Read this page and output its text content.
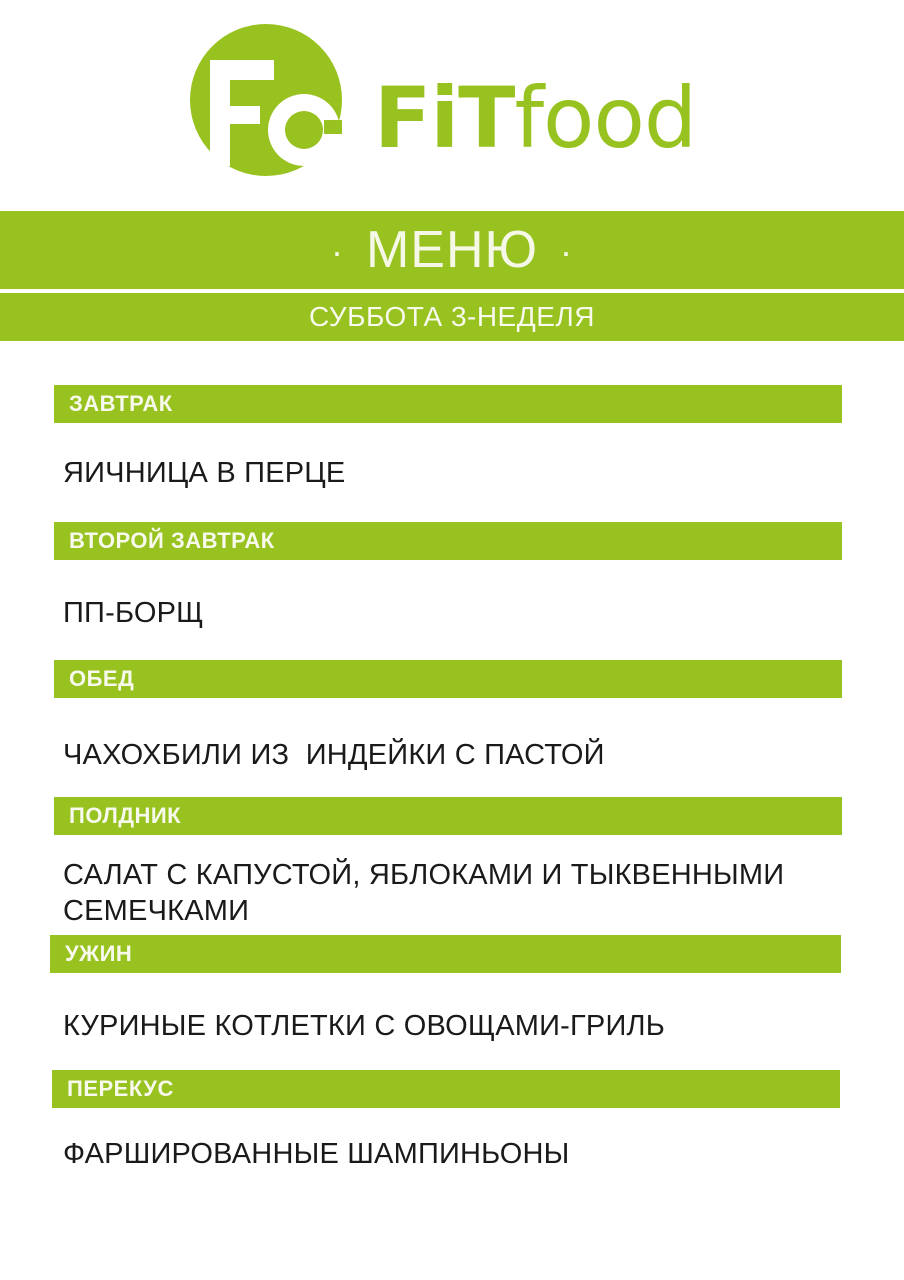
FiTfood
· МЕНЮ ·
СУББОТА 3-НЕДЕЛЯ
ЗАВТРАК
ЯИЧНИЦА В ПЕРЦЕ
ВТОРОЙ ЗАВТРАК
ПП-БОРЩ
ОБЕД
ЧАХОХБИЛИ ИЗ  ИНДЕЙКИ С ПАСТОЙ
ПОЛДНИК
САЛАТ С КАПУСТОЙ, ЯБЛОКАМИ И ТЫКВЕННЫМИ СЕМЕЧКАМИ
УЖИН
КУРИНЫЕ КОТЛЕТКИ С ОВОЩАМИ-ГРИЛЬ
ПЕРЕКУС
ФАРШИРОВАННЫЕ ШАМПИНЬОНЫ
